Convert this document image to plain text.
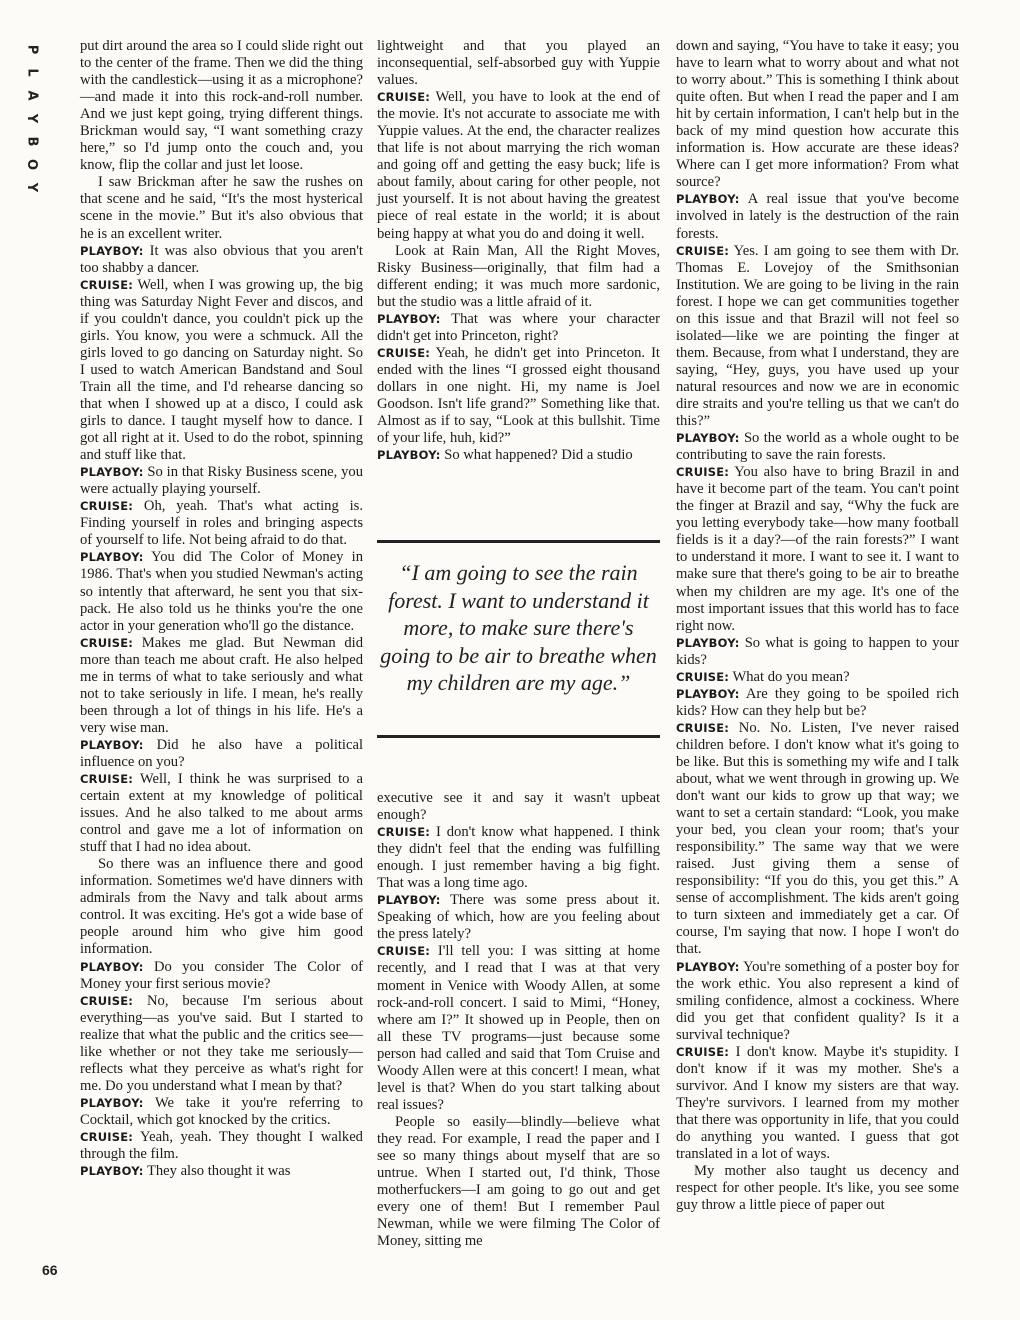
P
L
A
Y
B
O
Y

put dirt around the area so I could slide right out to the center of the frame. Then we did the thing with the candlestick—using it as a microphone?—and made it into this rock-and-roll number. And we just kept going, trying different things. Brickman would say, “I want something crazy here,” so I'd jump onto the couch and, you know, flip the collar and just let loose.

I saw Brickman after he saw the rushes on that scene and he said, “It's the most hysterical scene in the movie.” But it's also obvious that he is an excellent writer.

PLAYBOY: It was also obvious that you aren't too shabby a dancer.

CRUISE: Well, when I was growing up, the big thing was Saturday Night Fever and discos, and if you couldn't dance, you couldn't pick up the girls. You know, you were a schmuck. All the girls loved to go dancing on Saturday night. So I used to watch American Bandstand and Soul Train all the time, and I'd rehearse dancing so that when I showed up at a disco, I could ask girls to dance. I taught myself how to dance. I got all right at it. Used to do the robot, spinning and stuff like that.

PLAYBOY: So in that Risky Business scene, you were actually playing yourself.

CRUISE: Oh, yeah. That's what acting is. Finding yourself in roles and bringing aspects of yourself to life. Not being afraid to do that.

PLAYBOY: You did The Color of Money in 1986. That's when you studied Newman's acting so intently that afterward, he sent you that six-pack. He also told us he thinks you're the one actor in your generation who'll go the distance.

CRUISE: Makes me glad. But Newman did more than teach me about craft. He also helped me in terms of what to take seriously and what not to take seriously in life. I mean, he's really been through a lot of things in his life. He's a very wise man.

PLAYBOY: Did he also have a political influence on you?

CRUISE: Well, I think he was surprised to a certain extent at my knowledge of political issues. And he also talked to me about arms control and gave me a lot of information on stuff that I had no idea about.

So there was an influence there and good information. Sometimes we'd have dinners with admirals from the Navy and talk about arms control. It was exciting. He's got a wide base of people around him who give him good information.

PLAYBOY: Do you consider The Color of Money your first serious movie?

CRUISE: No, because I'm serious about everything—as you've said. But I started to realize that what the public and the critics see—like whether or not they take me seriously—reflects what they perceive as what's right for me. Do you understand what I mean by that?

PLAYBOY: We take it you're referring to Cocktail, which got knocked by the critics.

CRUISE: Yeah, yeah. They thought I walked through the film.

PLAYBOY: They also thought it was

lightweight and that you played an inconsequential, self-absorbed guy with Yuppie values.

CRUISE: Well, you have to look at the end of the movie. It's not accurate to associate me with Yuppie values. At the end, the character realizes that life is not about marrying the rich woman and going off and getting the easy buck; life is about family, about caring for other people, not just yourself. It is not about having the greatest piece of real estate in the world; it is about being happy at what you do and doing it well.

Look at Rain Man, All the Right Moves, Risky Business—originally, that film had a different ending; it was much more sardonic, but the studio was a little afraid of it.

PLAYBOY: That was where your character didn't get into Princeton, right?

CRUISE: Yeah, he didn't get into Princeton. It ended with the lines “I grossed eight thousand dollars in one night. Hi, my name is Joel Goodson. Isn't life grand?” Something like that. Almost as if to say, “Look at this bullshit. Time of your life, huh, kid?”

PLAYBOY: So what happened? Did a studio

“I am going to see the rain forest. I want to understand it more, to make sure there's going to be air to breathe when my children are my age.”

executive see it and say it wasn't upbeat enough?

CRUISE: I don't know what happened. I think they didn't feel that the ending was fulfilling enough. I just remember having a big fight. That was a long time ago.

PLAYBOY: There was some press about it. Speaking of which, how are you feeling about the press lately?

CRUISE: I'll tell you: I was sitting at home recently, and I read that I was at that very moment in Venice with Woody Allen, at some rock-and-roll concert. I said to Mimi, “Honey, where am I?” It showed up in People, then on all these TV programs—just because some person had called and said that Tom Cruise and Woody Allen were at this concert! I mean, what level is that? When do you start talking about real issues?

People so easily—blindly—believe what they read. For example, I read the paper and I see so many things about myself that are so untrue. When I started out, I'd think, Those motherfuckers—I am going to go out and get every one of them! But I remember Paul Newman, while we were filming The Color of Money, sitting me

down and saying, “You have to take it easy; you have to learn what to worry about and what not to worry about.” This is something I think about quite often. But when I read the paper and I am hit by certain information, I can't help but in the back of my mind question how accurate this information is. How accurate are these ideas? Where can I get more information? From what source?

PLAYBOY: A real issue that you've become involved in lately is the destruction of the rain forests.

CRUISE: Yes. I am going to see them with Dr. Thomas E. Lovejoy of the Smithsonian Institution. We are going to be living in the rain forest. I hope we can get communities together on this issue and that Brazil will not feel so isolated—like we are pointing the finger at them. Because, from what I understand, they are saying, “Hey, guys, you have used up your natural resources and now we are in economic dire straits and you're telling us that we can't do this?”

PLAYBOY: So the world as a whole ought to be contributing to save the rain forests.

CRUISE: You also have to bring Brazil in and have it become part of the team. You can't point the finger at Brazil and say, “Why the fuck are you letting everybody take—how many football fields is it a day?—of the rain forests?” I want to understand it more. I want to see it. I want to make sure that there's going to be air to breathe when my children are my age. It's one of the most important issues that this world has to face right now.

PLAYBOY: So what is going to happen to your kids?

CRUISE: What do you mean?

PLAYBOY: Are they going to be spoiled rich kids? How can they help but be?

CRUISE: No. No. Listen, I've never raised children before. I don't know what it's going to be like. But this is something my wife and I talk about, what we went through in growing up. We don't want our kids to grow up that way; we want to set a certain standard: “Look, you make your bed, you clean your room; that's your responsibility.” The same way that we were raised. Just giving them a sense of responsibility: “If you do this, you get this.” A sense of accomplishment. The kids aren't going to turn sixteen and immediately get a car. Of course, I'm saying that now. I hope I won't do that.

PLAYBOY: You're something of a poster boy for the work ethic. You also represent a kind of smiling confidence, almost a cockiness. Where did you get that confident quality? Is it a survival technique?

CRUISE: I don't know. Maybe it's stupidity. I don't know if it was my mother. She's a survivor. And I know my sisters are that way. They're survivors. I learned from my mother that there was opportunity in life, that you could do anything you wanted. I guess that got translated in a lot of ways.

My mother also taught us decency and respect for other people. It's like, you see some guy throw a little piece of paper out

66
